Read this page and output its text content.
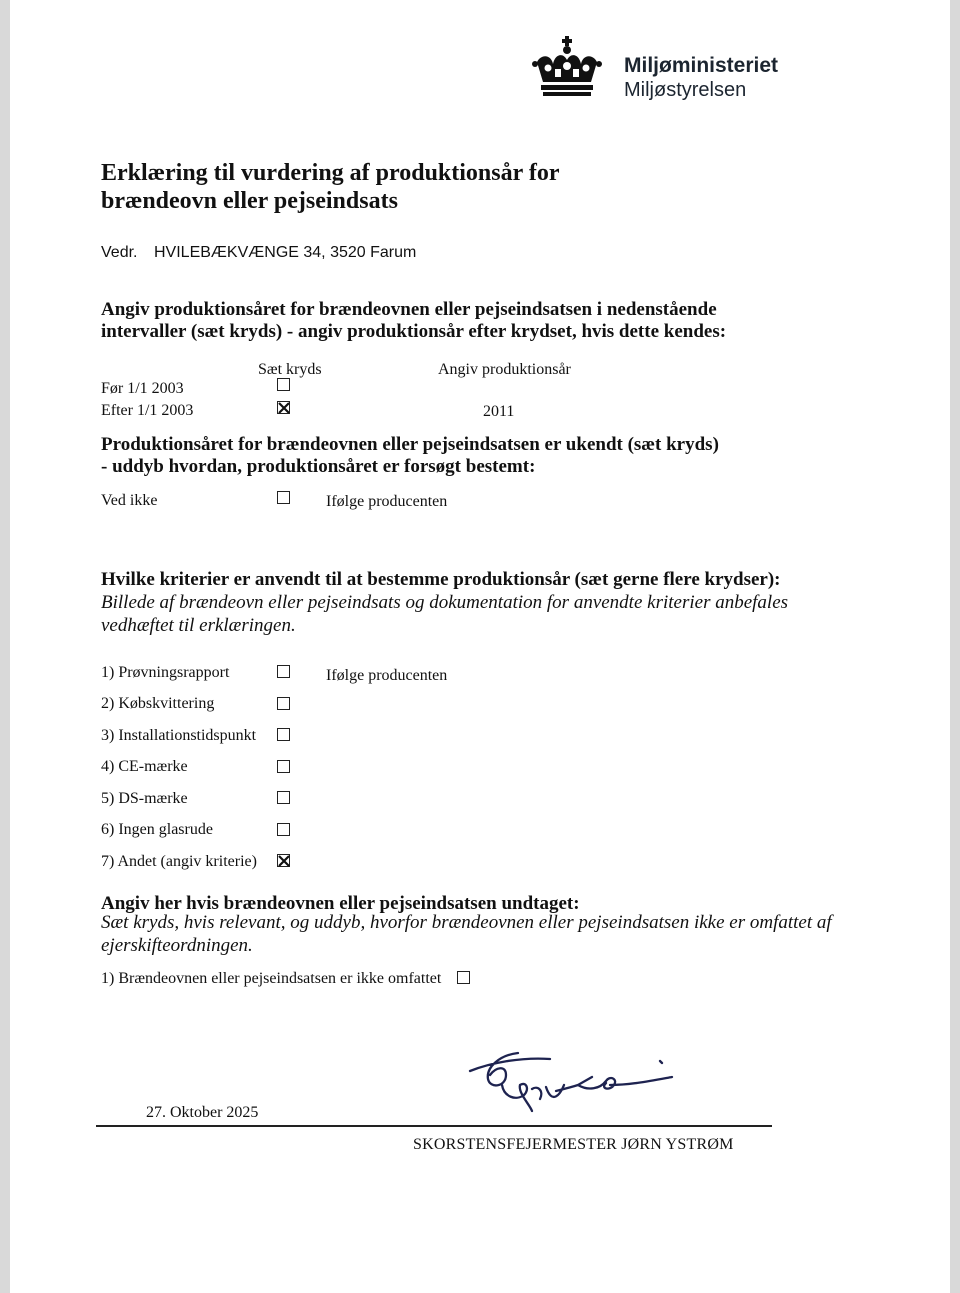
Miljøministeriet
Miljøstyrelsen
Erklæring til vurdering af produktionsår for
brændeovn eller pejseindsats
Vedr. HVILEBÆKVÆNGE 34, 3520 Farum
Angiv produktionsåret for brændeovnen eller pejseindsatsen i nedenstående
intervaller (sæt kryds) - angiv produktionsår efter krydset, hvis dette kendes:
Sæt kryds	Angiv produktionsår
Før 1/1 2003
Efter 1/1 2003	2011
Produktionsåret for brændeovnen eller pejseindsatsen er ukendt (sæt kryds)
- uddyb hvordan, produktionsåret er forsøgt bestemt:
Ved ikke	Ifølge producenten
Hvilke kriterier er anvendt til at bestemme produktionsår (sæt gerne flere krydser):
Billede af brændeovn eller pejseindsats og dokumentation for anvendte kriterier anbefales
vedhæftet til erklæringen.
1) Prøvningsrapport	Ifølge producenten
2) Købskvittering
3) Installationstidspunkt
4) CE-mærke
5) DS-mærke
6) Ingen glasrude
7) Andet (angiv kriterie)
Angiv her hvis brændeovnen eller pejseindsatsen undtaget:
Sæt kryds, hvis relevant, og uddyb, hvorfor brændeovnen eller pejseindsatsen ikke er omfattet af
ejerskifteordningen.
1) Brændeovnen eller pejseindsatsen er ikke omfattet
27. Oktober 2025
SKORSTENSFEJERMESTER JØRN YSTRØM
